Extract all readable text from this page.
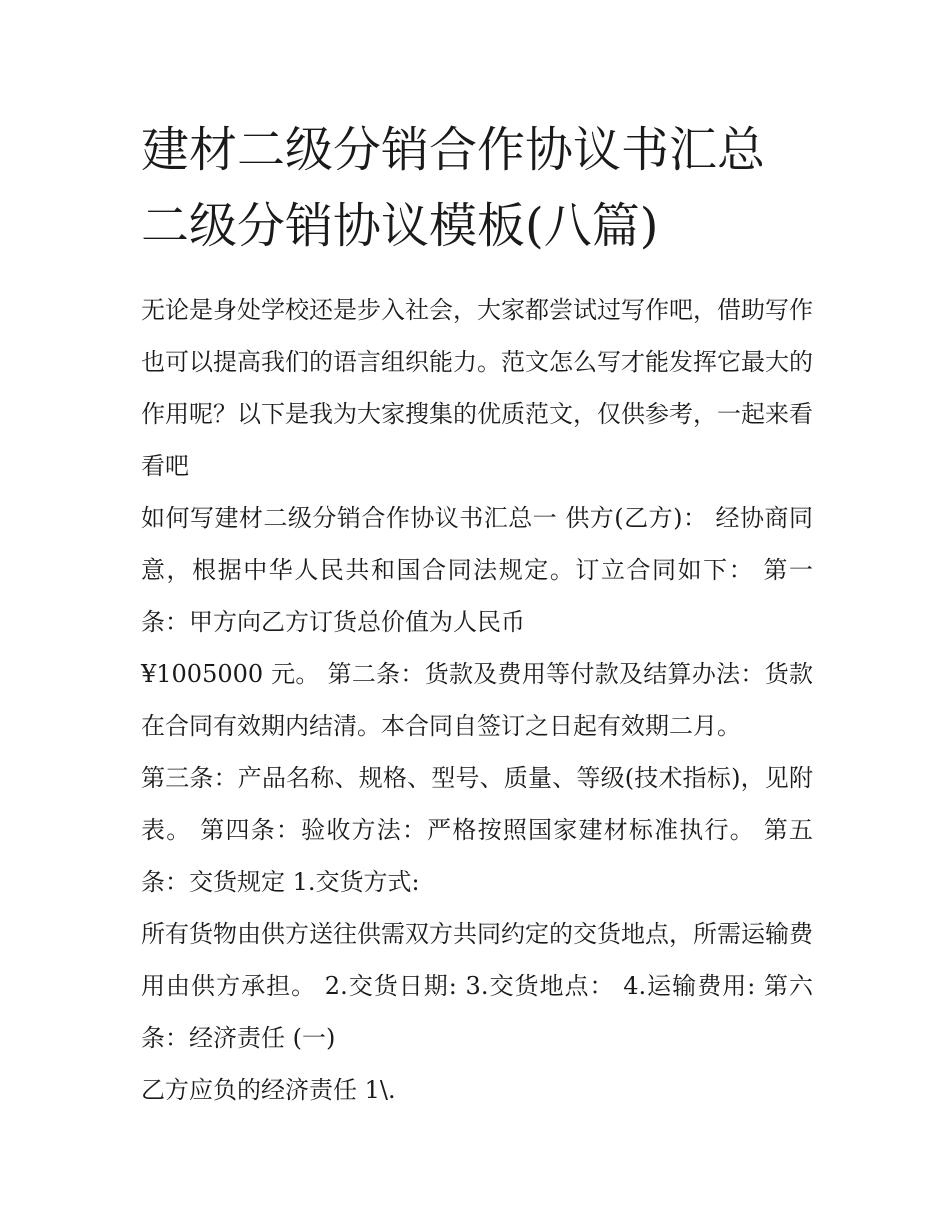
建材二级分销合作协议书汇总
二级分销协议模板(八篇)

无论是身处学校还是步入社会，大家都尝试过写作吧，借助写作也可以提高我们的语言组织能力。范文怎么写才能发挥它最大的作用呢？以下是我为大家搜集的优质范文，仅供参考，一起来看看吧

如何写建材二级分销合作协议书汇总一 供方(乙方)： 经协商同意，根据中华人民共和国合同法规定。订立合同如下： 第一条：甲方向乙方订货总价值为人民币

¥1005000 元。 第二条：货款及费用等付款及结算办法：货款在合同有效期内结清。本合同自签订之日起有效期二月。

第三条：产品名称、规格、型号、质量、等级(技术指标)，见附表。 第四条：验收方法：严格按照国家建材标准执行。 第五条：交货规定 1.交货方式:

所有货物由供方送往供需双方共同约定的交货地点，所需运输费用由供方承担。 2.交货日期: 3.交货地点： 4.运输费用: 第六条：经济责任 (一)

乙方应负的经济责任 1\.
